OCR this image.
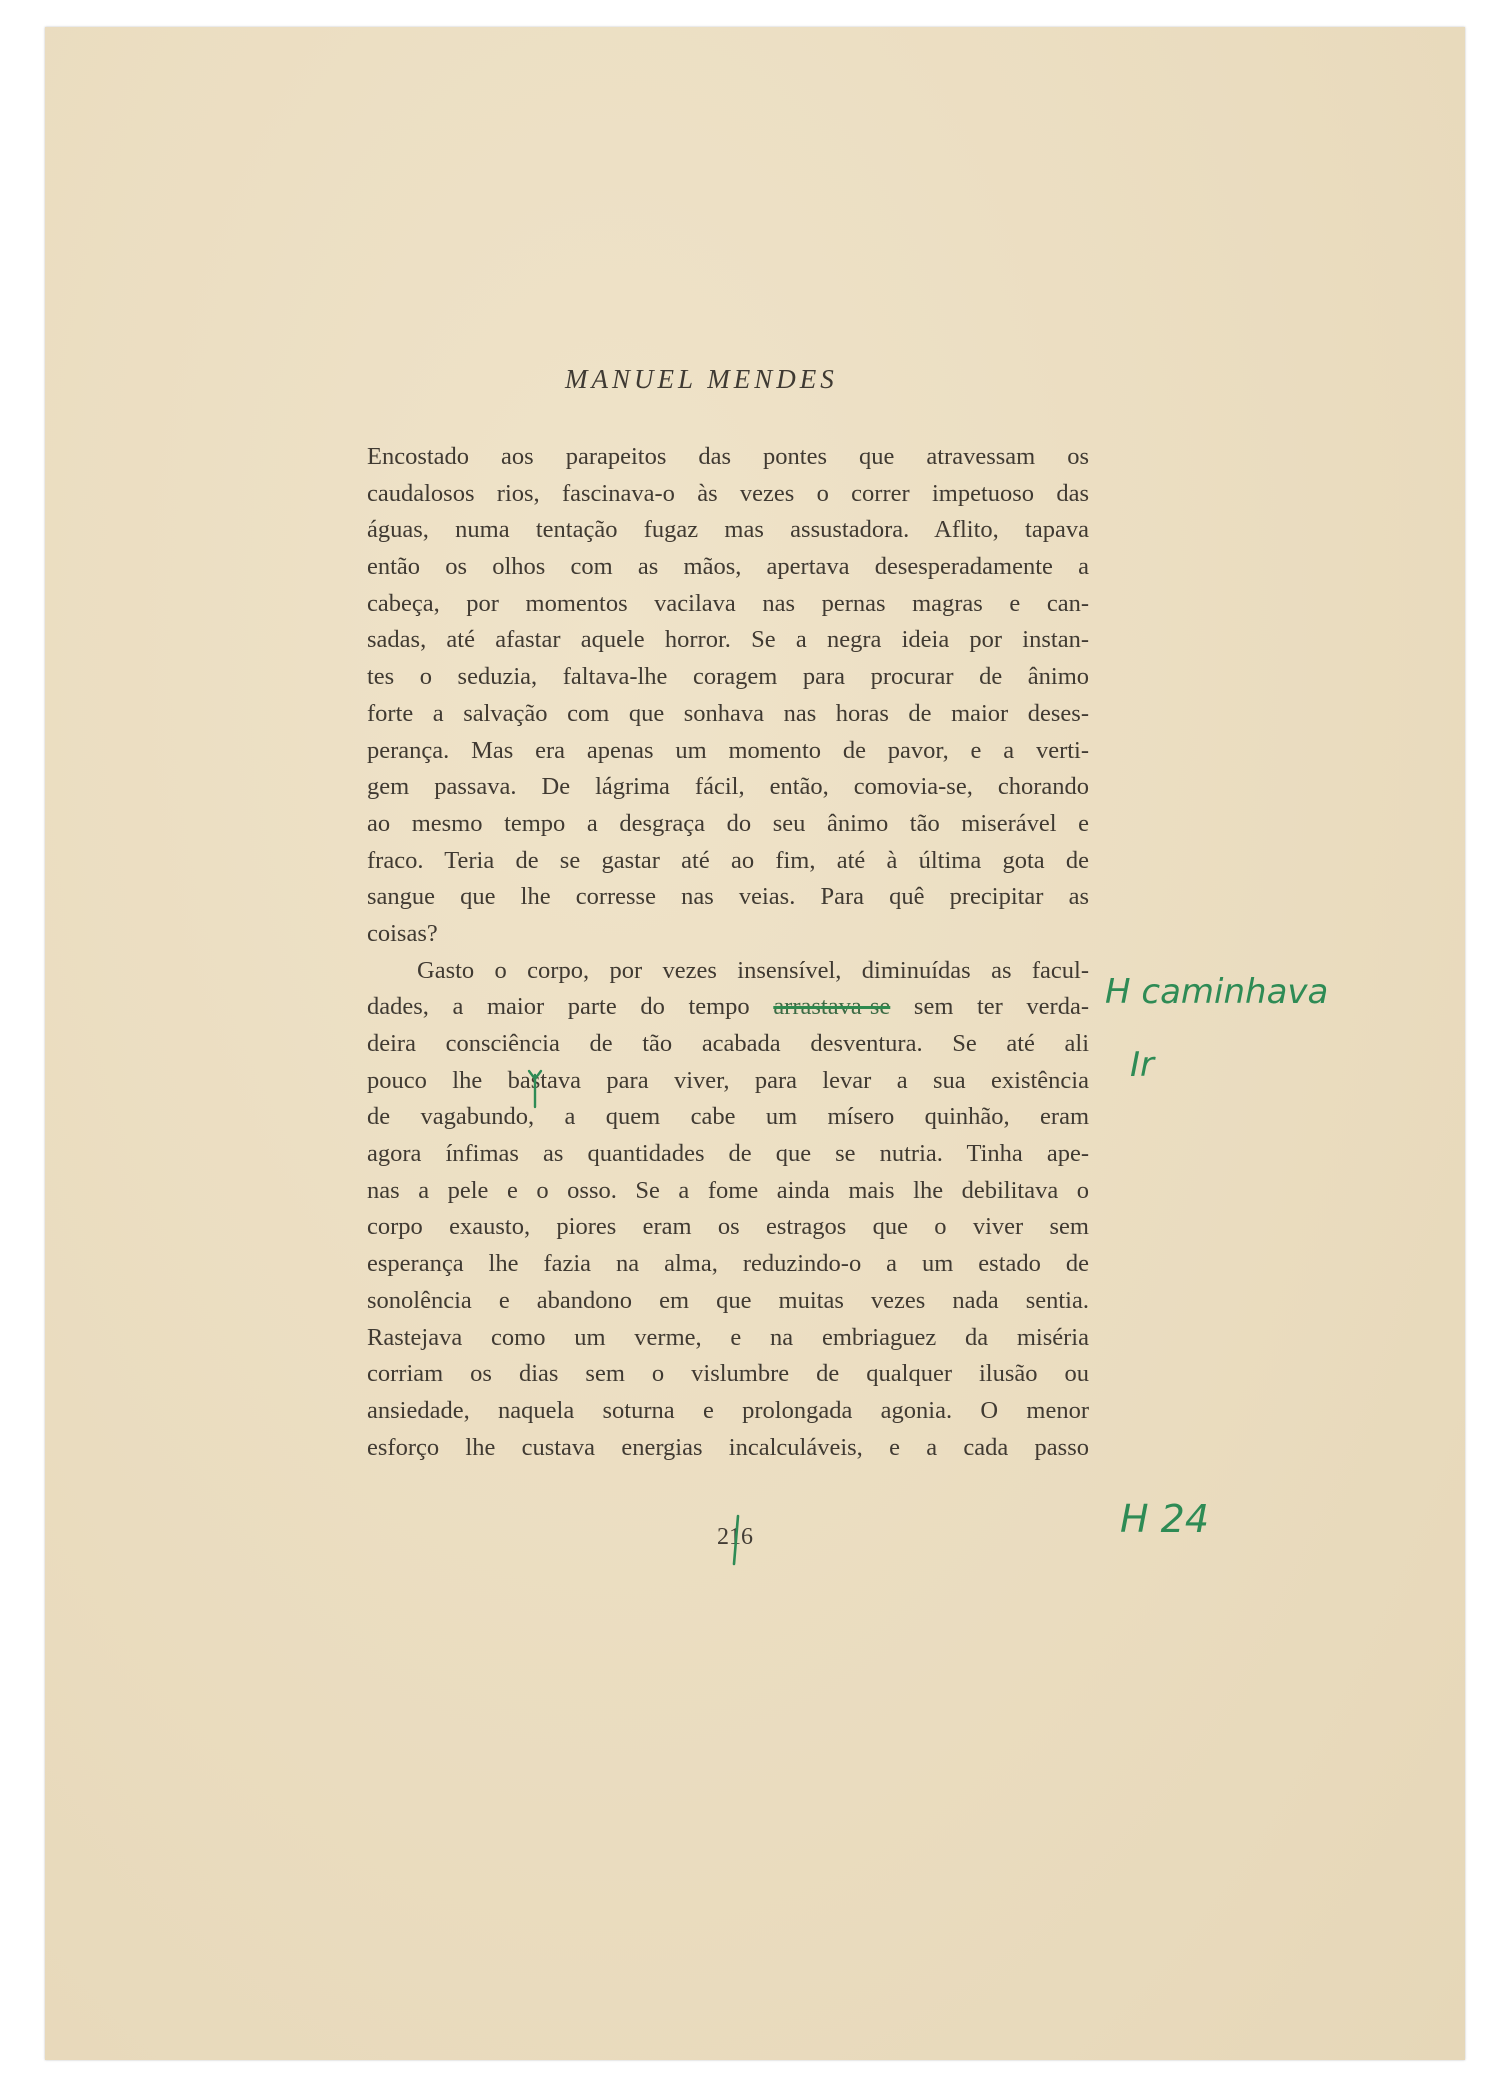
MANUEL MENDES
Encostado aos parapeitos das pontes que atravessam os
caudalosos rios, fascinava-o às vezes o correr impetuoso das
águas, numa tentação fugaz mas assustadora. Aflito, tapava
então os olhos com as mãos, apertava desesperadamente a
cabeça, por momentos vacilava nas pernas magras e can-
sadas, até afastar aquele horror. Se a negra ideia por instan-
tes o seduzia, faltava-lhe coragem para procurar de ânimo
forte a salvação com que sonhava nas horas de maior deses-
perança. Mas era apenas um momento de pavor, e a verti-
gem passava. De lágrima fácil, então, comovia-se, chorando
ao mesmo tempo a desgraça do seu ânimo tão miserável e
fraco. Teria de se gastar até ao fim, até à última gota de
sangue que lhe corresse nas veias. Para quê precipitar as
coisas?
Gasto o corpo, por vezes insensível, diminuídas as facul-
dades, a maior parte do tempo arrastava-se sem ter verda-
deira consciência de tão acabada desventura. Se até ali
pouco lhe bastava para viver, para levar a sua existência
de vagabundo, a quem cabe um mísero quinhão, eram
agora ínfimas as quantidades de que se nutria. Tinha ape-
nas a pele e o osso. Se a fome ainda mais lhe debilitava o
corpo exausto, piores eram os estragos que o viver sem
esperança lhe fazia na alma, reduzindo-o a um estado de
sonolência e abandono em que muitas vezes nada sentia.
Rastejava como um verme, e na embriaguez da miséria
corriam os dias sem o vislumbre de qualquer ilusão ou
ansiedade, naquela soturna e prolongada agonia. O menor
esforço lhe custava energias incalculáveis, e a cada passo
216
H caminhava
Ir
H 24
